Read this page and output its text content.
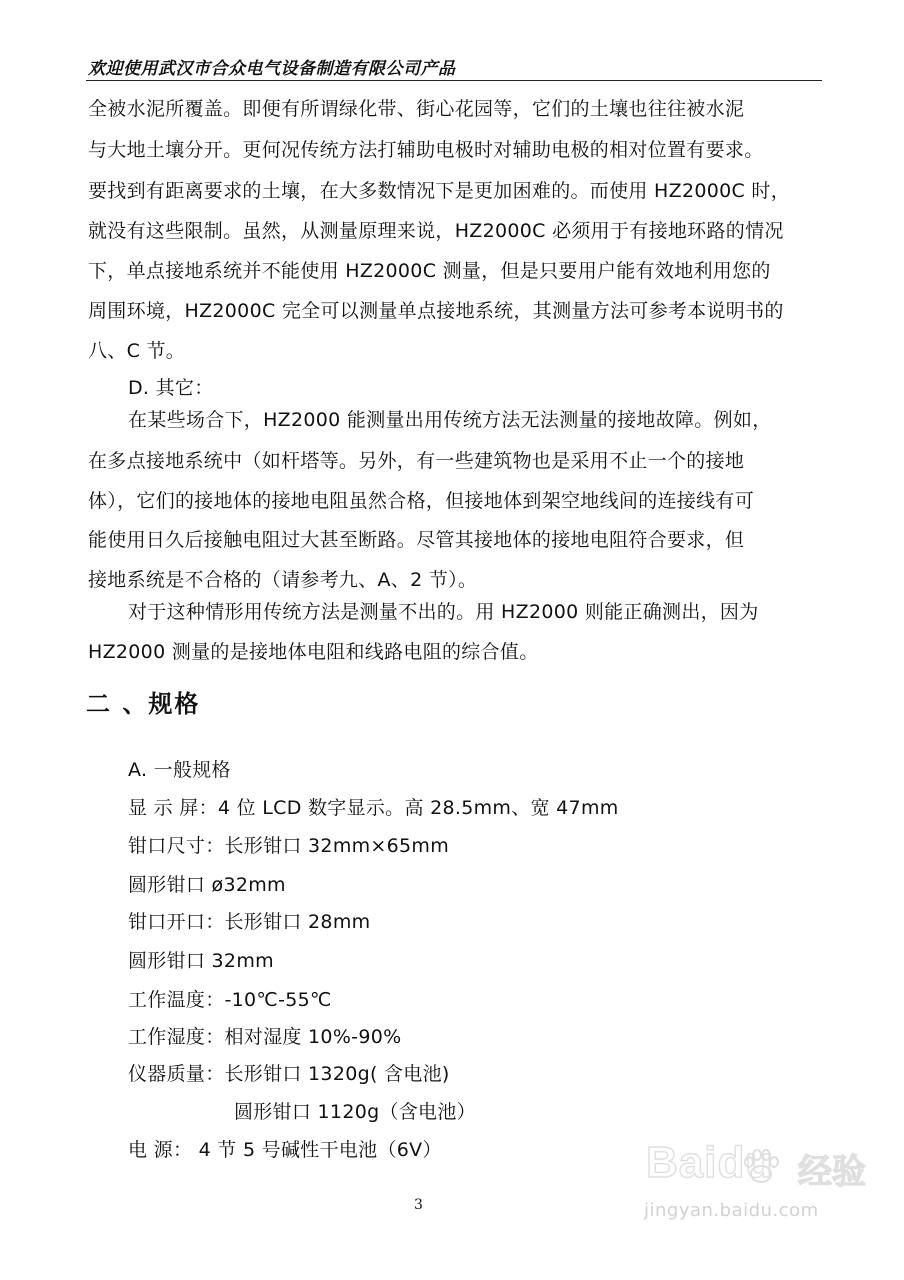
欢迎使用武汉市合众电气设备制造有限公司产品
全被水泥所覆盖。即便有所谓绿化带、街心花园等，它们的土壤也往往被水泥
与大地土壤分开。更何况传统方法打辅助电极时对辅助电极的相对位置有要求。
要找到有距离要求的土壤，在大多数情况下是更加困难的。而使用 HZ2000C 时，
就没有这些限制。虽然，从测量原理来说，HZ2000C 必须用于有接地环路的情况
下，单点接地系统并不能使用 HZ2000C 测量，但是只要用户能有效地利用您的
周围环境，HZ2000C 完全可以测量单点接地系统，其测量方法可参考本说明书的
八、C 节。
D. 其它：
在某些场合下，HZ2000 能测量出用传统方法无法测量的接地故障。例如，
在多点接地系统中（如杆塔等。另外，有一些建筑物也是采用不止一个的接地
体），它们的接地体的接地电阻虽然合格，但接地体到架空地线间的连接线有可
能使用日久后接触电阻过大甚至断路。尽管其接地体的接地电阻符合要求，但
接地系统是不合格的（请参考九、A、2 节）。
对于这种情形用传统方法是测量不出的。用 HZ2000 则能正确测出，因为
HZ2000 测量的是接地体电阻和线路电阻的综合值。
二 、规格
A. 一般规格
显 示 屏：4 位 LCD 数字显示。高 28.5mm、宽 47mm
钳口尺寸：长形钳口 32mm×65mm
圆形钳口 ø32mm
钳口开口：长形钳口 28mm
圆形钳口 32mm
工作温度：-10℃-55℃
工作湿度：相对湿度 10%-90%
仪器质量：长形钳口 1320g( 含电池)
圆形钳口 1120g（含电池）
电 源： 4 节 5 号碱性干电池（6V）
3
Baidu 经验
jingyan.baidu.com
